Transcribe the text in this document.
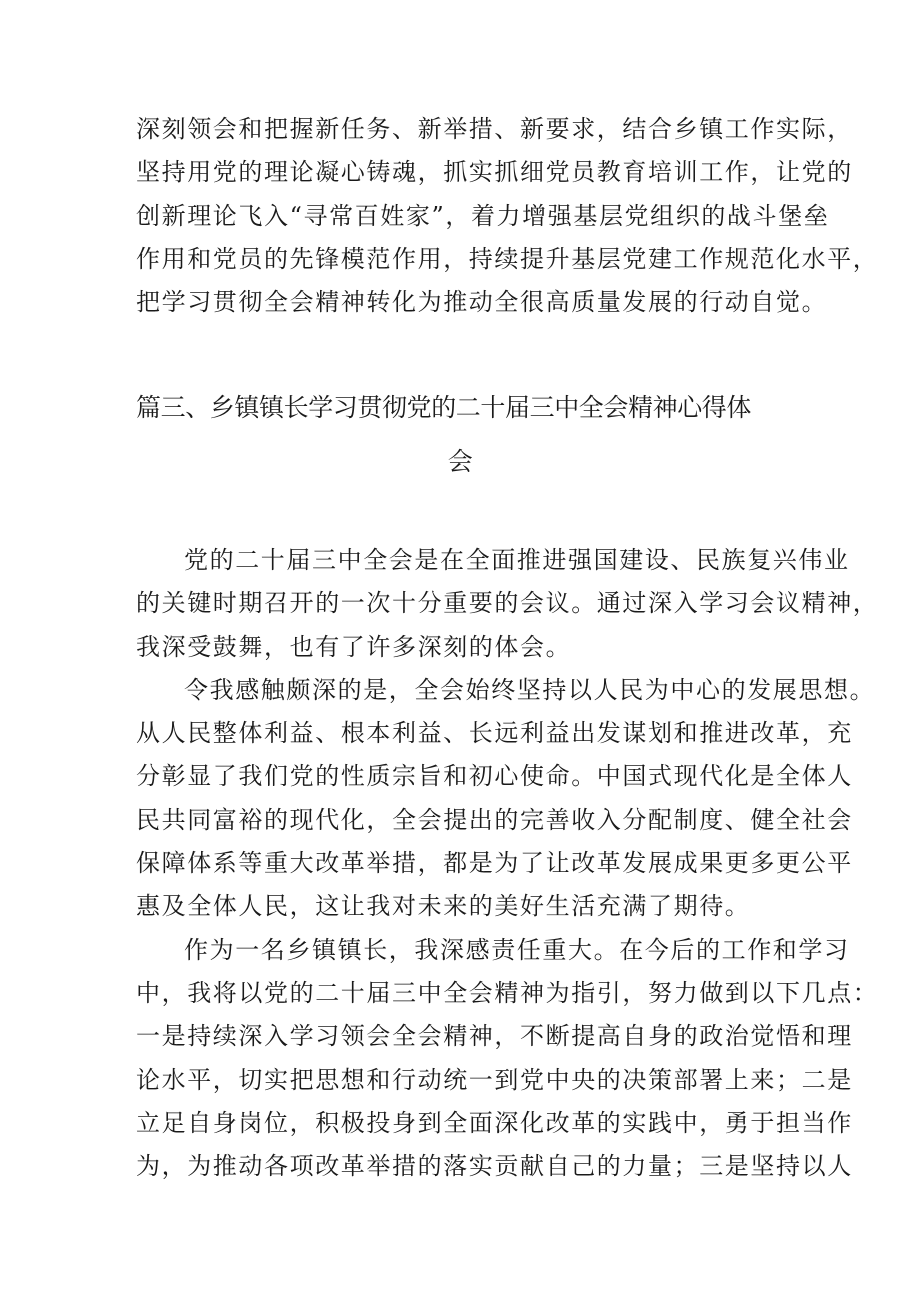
深刻领会和把握新任务、新举措、新要求，结合乡镇工作实际，
坚持用党的理论凝心铸魂，抓实抓细党员教育培训工作，让党的
创新理论飞入“寻常百姓家”，着力增强基层党组织的战斗堡垒
作用和党员的先锋模范作用，持续提升基层党建工作规范化水平，
把学习贯彻全会精神转化为推动全很高质量发展的行动自觉。
篇三、乡镇镇长学习贯彻党的二十届三中全会精神心得体
会
党的二十届三中全会是在全面推进强国建设、民族复兴伟业
的关键时期召开的一次十分重要的会议。通过深入学习会议精神，
我深受鼓舞，也有了许多深刻的体会。
令我感触颇深的是，全会始终坚持以人民为中心的发展思想。
从人民整体利益、根本利益、长远利益出发谋划和推进改革，充
分彰显了我们党的性质宗旨和初心使命。中国式现代化是全体人
民共同富裕的现代化，全会提出的完善收入分配制度、健全社会
保障体系等重大改革举措，都是为了让改革发展成果更多更公平
惠及全体人民，这让我对未来的美好生活充满了期待。
作为一名乡镇镇长，我深感责任重大。在今后的工作和学习
中，我将以党的二十届三中全会精神为指引，努力做到以下几点：
一是持续深入学习领会全会精神，不断提高自身的政治觉悟和理
论水平，切实把思想和行动统一到党中央的决策部署上来；二是
立足自身岗位，积极投身到全面深化改革的实践中，勇于担当作
为，为推动各项改革举措的落实贡献自己的力量；三是坚持以人
